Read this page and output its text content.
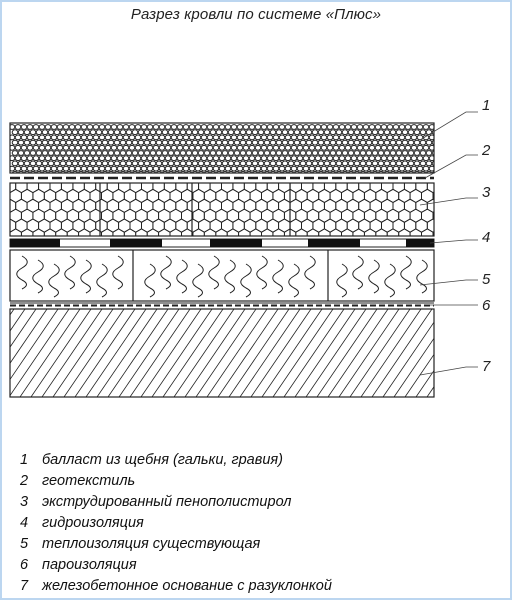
Разрез кровли по системе «Плюс»
1
2
3
4
5
6
7
1 балласт из щебня (гальки, гравия)
2 геотекстиль
3 экструдированный пенополистирол
4 гидроизоляция
5 теплоизоляция существующая
6 пароизоляция
7 железобетонное основание с разуклонкой
